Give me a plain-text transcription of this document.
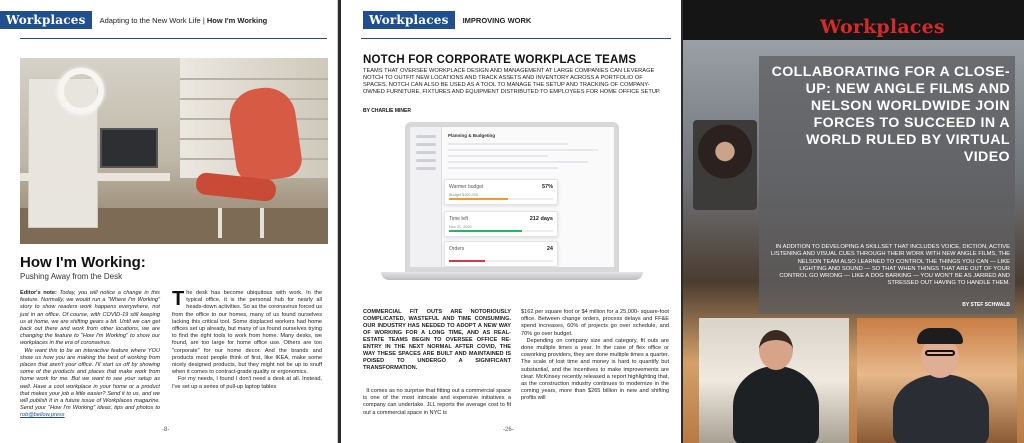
Workplaces	Adapting to the New Work Life | How I'm Working
How I'm Working:
Pushing Away from the Desk
Editor's note: Today, you will notice a change in this feature. Normally, we would run a "Where I'm Working" story to show readers work happens everywhere, not just in an office. Of course, with COVID-19 still keeping us at home, we are shifting gears a bit. Until we can get back out there and work from other locations, we are changing the feature to "How I'm Working" to show our workplaces in the era of coronavirus.
We want this to be an interactive feature where YOU show us how you are making the best of working from places that aren't your office. I'll start us off by showing some of the products and places that make work from home work for me. But we want to see your setup as well. Have a cool workplace in your home or a product that makes your job a little easier? Send it to us, and we will publish it in a future issue of Workplaces magazine. Send your "How I'm Working" ideas, tips and photos to rob@bellow.press
The desk has become ubiquitous with work. In the typical office, it is the personal hub for nearly all heads-down activities. So as the coronavirus forced us from the office to our homes, many of us found ourselves lacking this critical tool. Some displaced workers had home offices set up already, but many of us found ourselves trying to find the right tools to work from home. Many desks, we found, are too large for home office use. Others are too "corporate" for our home decor. And the brands and products most people think of first, like IKEA, make some nicely designed products, but they might not be up to snuff when it comes to contract-grade quality or ergonomics.
For my needs, I found I don't need a desk at all. Instead, I've set up a series of pull-up laptop tables
-8-
Workplaces	IMPROVING WORK
NOTCH FOR CORPORATE WORKPLACE TEAMS
TEAMS THAT OVERSEE WORKPLACE DESIGN AND MANAGEMENT AT LARGE COMPANIES CAN LEVERAGE NOTCH TO OUTFIT NEW LOCATIONS AND TRACK ASSETS AND INVENTORY ACROSS A PORTFOLIO OF SPACES. NOTCH CAN ALSO BE USED AS A TOOL TO MANAGE THE SETUP AND TRACKING OF COMPANY-OWNED FURNITURE, FIXTURES AND EQUIPMENT DISTRIBUTED TO EMPLOYEES FOR HOME OFFICE SETUP.
BY CHARLIE MINER
Planning & Budgeting
Warmer budget	57%
Budget $100,000
Time left	212 days
Nov 21, 2020
Orders	24
COMMERCIAL FIT OUTS ARE NOTORIOUSLY COMPLICATED, WASTEFUL AND TIME CONSUMING. OUR INDUSTRY HAS NEEDED TO ADOPT A NEW WAY OF WORKING FOR A LONG TIME, AND AS REAL-ESTATE TEAMS BEGIN TO OVERSEE OFFICE RE-ENTRY IN THE NEXT NORMAL AFTER COVID, THE WAY THESE SPACES ARE BUILT AND MAINTAINED IS POISED TO UNDERGO A SIGNIFICANT TRANSFORMATION.
It comes as no surprise that fitting out a commercial space is one of the most intricate and expensive initiatives a company can undertake. JLL reports the average cost to fit out a commercial space in NYC is
$162 per square foot or $4 million for a 25,000- square-foot office. Between change orders, process delays and FF&E spend increases, 60% of projects go over schedule, and 70% go over budget.
Depending on company size and category, fit outs are done multiple times a year. In the case of flex office or coworking providers, they are done multiple times a quarter. The scale of lost time and money is hard to quantify but substantial, and the incentives to make improvements are clear. McKinsey recently released a report highlighting that, as the construction industry continues to modernize in the coming years, more than $265 billion in new and shifting profits will
-26-
Workplaces
COLLABORATING FOR A CLOSE-UP: NEW ANGLE FILMS AND NELSON WORLDWIDE JOIN FORCES TO SUCCEED IN A WORLD RULED BY VIRTUAL VIDEO
IN ADDITION TO DEVELOPING A SKILLSET THAT INCLUDES VOICE, DICTION, ACTIVE LISTENING AND VISUAL CUES THROUGH THEIR WORK WITH NEW ANGLE FILMS, THE NELSON TEAM ALSO LEARNED TO CONTROL THE THINGS YOU CAN — LIKE LIGHTING AND SOUND — SO THAT WHEN THINGS THAT ARE OUT OF YOUR CONTROL GO WRONG — LIKE A DOG BARKING — YOU WON'T BE AS JARRED AND STRESSED OUT HAVING TO HANDLE THEM.
BY STEF SCHWALB
